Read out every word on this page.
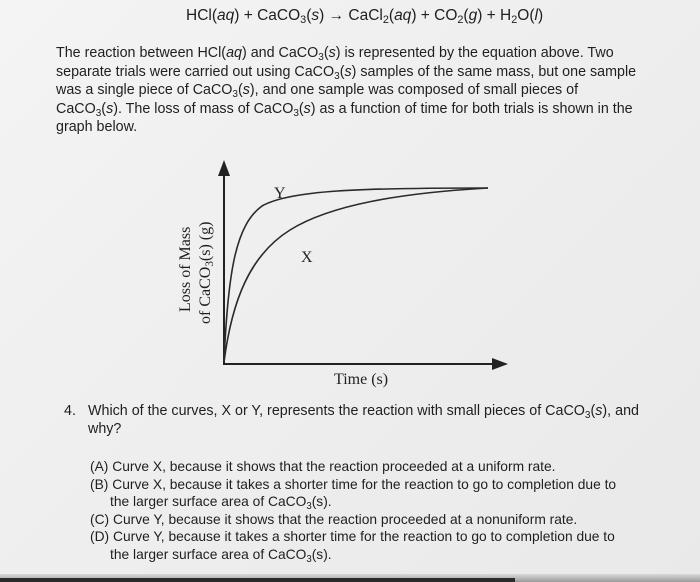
HCl(aq) + CaCO$_3$(s) → CaCl$_2$(aq) + $CO_2(g) + H_2O(l)$

The reaction between HCl(aq) and CaCO$_3$(s) is represented by the equation above. Two
separate trials were carried out using CaCO$_3$(s) samples of the same mass, but one sample
was a single piece of CaCO$_3$(s), and one sample was composed of small pieces of
CaCO$_3$(s). The loss of mass of CaCO$_3$(s) as a function of time for both trials is shown in the
graph below.

Y
X
Time (s)
Loss of Mass of CaCO$_3$(s) (g)
4. Which of the curves, X or Y, represents the reaction with small pieces of CaCO$_3$(s), and
why?
(A) Curve X, because it shows that the reaction proceeded at a uniform rate.
(B) Curve X, because it takes a shorter time for the reaction to go to completion due to
the larger surface area of CaCO$_3$(s).
(C) Curve Y, because it shows that the reaction proceeded at a nonuniform rate.
(D) Curve Y, because it takes a shorter time for the reaction to go to completion due to
the larger surface area of CaCO$_3$(s).
